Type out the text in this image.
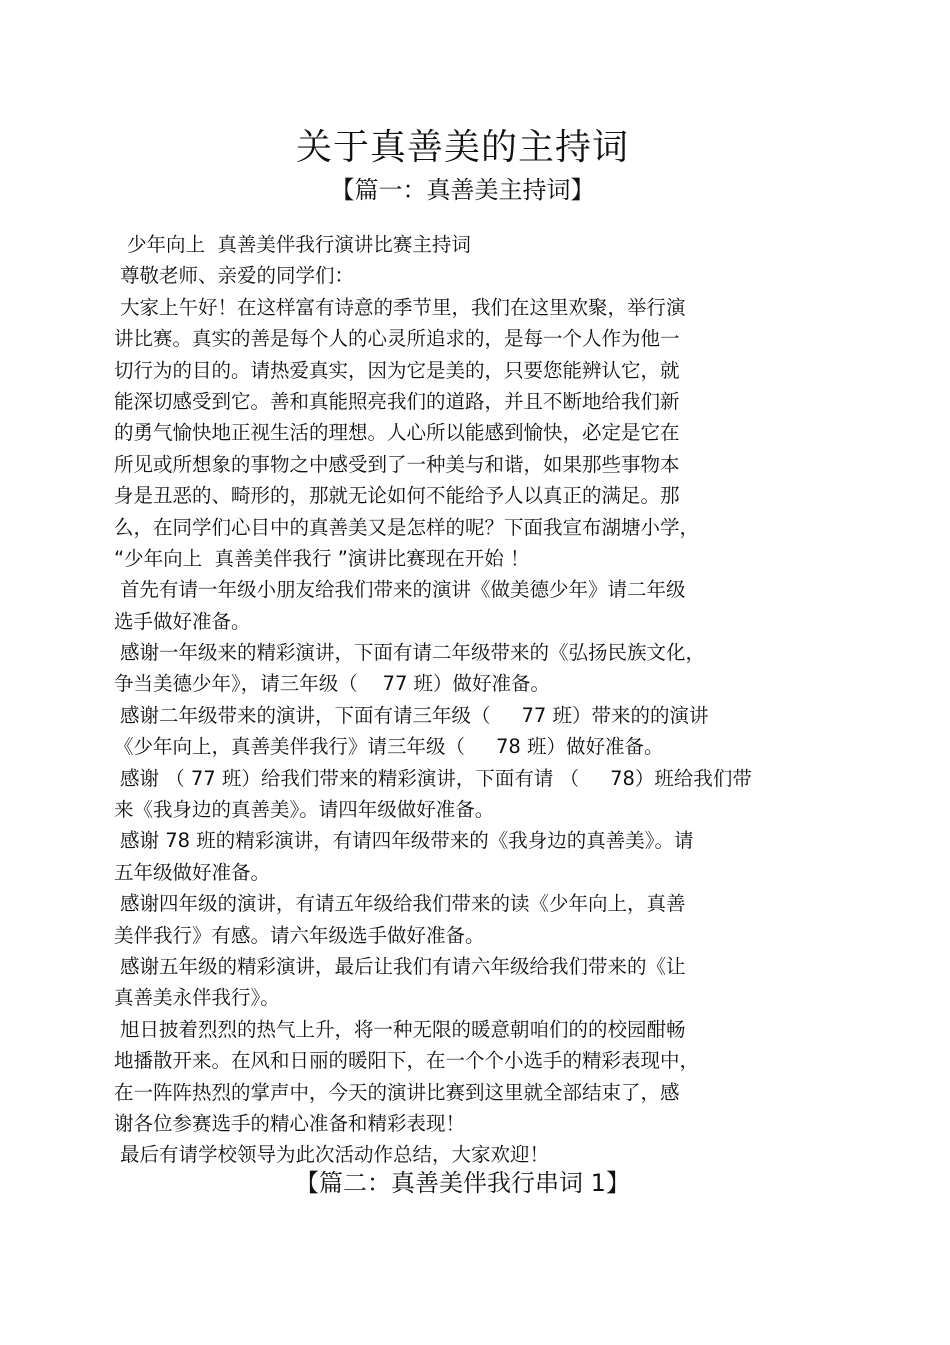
关于真善美的主持词
【篇一：真善美主持词】
少年向上  真善美伴我行演讲比赛主持词
尊敬老师、亲爱的同学们：
大家上午好！在这样富有诗意的季节里，我们在这里欢聚，举行演
讲比赛。真实的善是每个人的心灵所追求的，是每一个人作为他一
切行为的目的。请热爱真实，因为它是美的，只要您能辨认它，就
能深切感受到它。善和真能照亮我们的道路，并且不断地给我们新
的勇气愉快地正视生活的理想。人心所以能感到愉快，必定是它在
所见或所想象的事物之中感受到了一种美与和谐，如果那些事物本
身是丑恶的、畸形的，那就无论如何不能给予人以真正的满足。那
么，在同学们心目中的真善美又是怎样的呢？下面我宣布湖塘小学，
“少年向上  真善美伴我行 ”演讲比赛现在开始 ！
首先有请一年级小朋友给我们带来的演讲《做美德少年》请二年级
选手做好准备。
感谢一年级来的精彩演讲，下面有请二年级带来的《弘扬民族文化，
争当美德少年》，请三年级（    77 班）做好准备。
感谢二年级带来的演讲，下面有请三年级（     77 班）带来的的演讲
《少年向上，真善美伴我行》请三年级（     78 班）做好准备。
感谢 （ 77 班）给我们带来的精彩演讲，下面有请 （     78）班给我们带
来《我身边的真善美》。请四年级做好准备。
感谢 78 班的精彩演讲，有请四年级带来的《我身边的真善美》。请
五年级做好准备。
感谢四年级的演讲，有请五年级给我们带来的读《少年向上，真善
美伴我行》有感。请六年级选手做好准备。
感谢五年级的精彩演讲，最后让我们有请六年级给我们带来的《让
真善美永伴我行》。
旭日披着烈烈的热气上升，将一种无限的暖意朝咱们的的校园酣畅
地播散开来。在风和日丽的暖阳下，在一个个小选手的精彩表现中，
在一阵阵热烈的掌声中，今天的演讲比赛到这里就全部结束了，感
谢各位参赛选手的精心准备和精彩表现！
最后有请学校领导为此次活动作总结，大家欢迎！
【篇二：真善美伴我行串词 1】
